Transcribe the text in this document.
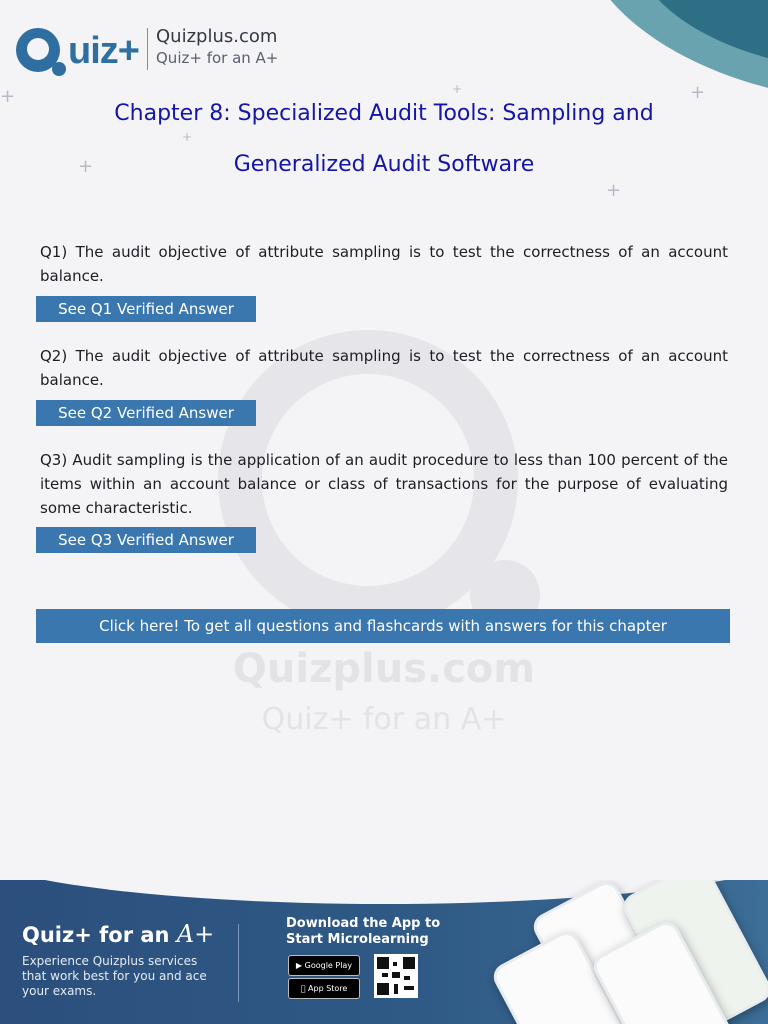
+
+
+
+
+
+
Quizplus.com
Quiz+ for an A+
uiz+ Quizplus.com
Quiz+ for an A+
Chapter 8: Specialized Audit Tools: Sampling and
Generalized Audit Software
Q1) The audit objective of attribute sampling is to test the correctness of an account balance.
See Q1 Verified Answer
Q2) The audit objective of attribute sampling is to test the correctness of an account balance.
See Q2 Verified Answer
Q3) Audit sampling is the application of an audit procedure to less than 100 percent of the items within an account balance or class of transactions for the purpose of evaluating some characteristic.
See Q3 Verified Answer
Click here! To get all questions and flashcards with answers for this chapter
Quiz+ for an A+
Experience Quizplus services that work best for you and ace your exams.
Download the App to
Start Microlearning
▶ Google Play
App Store
